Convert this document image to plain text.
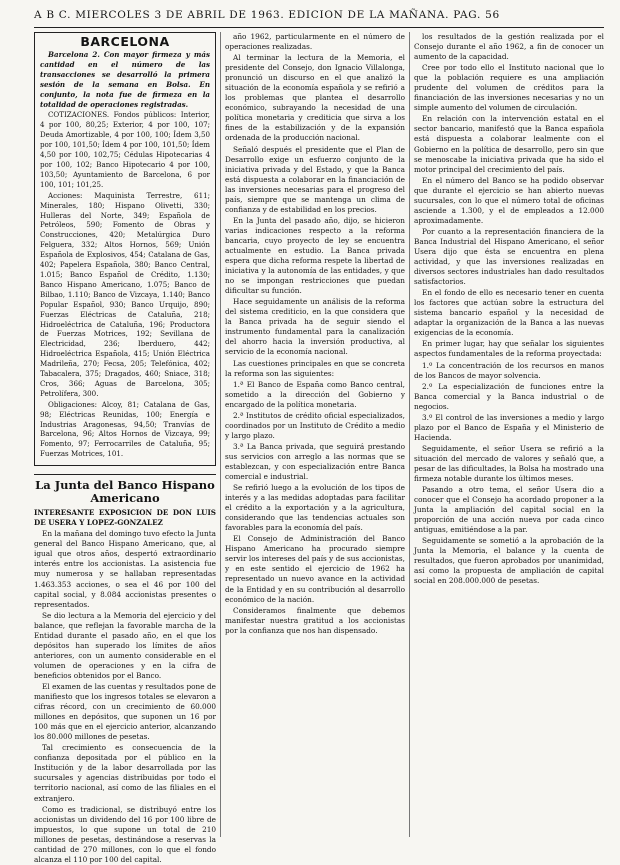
A B C. MIERCOLES 3 DE ABRIL DE 1963. EDICION DE LA MAÑANA. PAG. 56
BARCELONA

Barcelona 2. Con mayor firmeza y más cantidad en el número de las transacciones se desarrolló la primera sesión de la semana en Bolsa. En conjunto, la nota fue de firmeza en la totalidad de operaciones registradas.

COTIZACIONES. Fondos públicos: Interior, 4 por 100, 80,25; Exterior, 4 por 100, 107; Deuda Amortizable, 4 por 100, 100; Ídem 3,50 por 100, 101,50; Ídem 4 por 100, 101,50; Ídem 4,50 por 100, 102,75; Cédulas Hipotecarias 4 por 100, 102; Banco Hipotecario 4 por 100, 103,50; Ayuntamiento de Barcelona, 6 por 100, 101; 101,25.

Acciones: Maquinista Terrestre, 611; Minerales, 180; Hispano Olivetti, 330; Hulleras del Norte, 349; Española de Petróleos, 590; Fomento de Obras y Construcciones, 420; Metalúrgica Duro Felguera, 332; Altos Hornos, 569; Unión Española de Explosivos, 454; Catalana de Gas, 402; Papelera Española, 380; Banco Central, 1.015; Banco Español de Crédito, 1.130; Banco Hispano Americano, 1.075; Banco de Bilbao, 1.110; Banco de Vizcaya, 1.140; Banco Popular Español, 930; Banco Urquijo, 890; Fuerzas Eléctricas de Cataluña, 218; Hidroeléctrica de Cataluña, 196; Productora de Fuerzas Motrices, 192; Sevillana de Electricidad, 236; Iberduero, 442; Hidroeléctrica Española, 415; Unión Eléctrica Madrileña, 270; Fecsa, 205; Telefónica, 402; Tabacalera, 375; Dragados, 460; Sniace, 318; Cros, 366; Aguas de Barcelona, 305; Petrolífera, 300.

Obligaciones: Alcoy, 81; Catalana de Gas, 98; Eléctricas Reunidas, 100; Energía e Industrias Aragonesas, 94,50; Tranvías de Barcelona, 96; Altos Hornos de Vizcaya, 99; Fomento, 97; Ferrocarriles de Cataluña, 95; Fuerzas Motrices, 101.

La Junta del Banco Hispano Americano

INTERESANTE EXPOSICION DE DON LUIS DE USERA Y LOPEZ-GONZALEZ

En la mañana del domingo tuvo efecto la Junta general del Banco Hispano Americano, que, al igual que otros años, despertó extraordinario interés entre los accionistas. La asistencia fue muy numerosa y se hallaban representadas 1.463.353 acciones, o sea el 46 por 100 del capital social, y 8.084 accionistas presentes o representados.

Se dio lectura a la Memoria del ejercicio y del balance, que reflejan la favorable marcha de la Entidad durante el pasado año, en el que los depósitos han superado los límites de años anteriores, con un aumento considerable en el volumen de operaciones y en la cifra de beneficios obtenidos por el Banco.

El examen de las cuentas y resultados pone de manifiesto que los ingresos totales se elevaron a cifras récord, con un crecimiento de 60.000 millones en depósitos, que suponen un 16 por 100 más que en el ejercicio anterior, alcanzando los 80.000 millones de pesetas.

Tal crecimiento es consecuencia de la confianza depositada por el público en la Institución y de la labor desarrollada por las sucursales y agencias distribuidas por todo el territorio nacional, así como de las filiales en el extranjero.

Como es tradicional, se distribuyó entre los accionistas un dividendo del 16 por 100 libre de impuestos, lo que supone un total de 210 millones de pesetas, destinándose a reservas la cantidad de 270 millones, con lo que el fondo alcanza el 110 por 100 del capital.

año 1962, particularmente en el número de operaciones realizadas.

Al terminar la lectura de la Memoria, el presidente del Consejo, don Ignacio Villalonga, pronunció un discurso en el que analizó la situación de la economía española y se refirió a los problemas que plantea el desarrollo económico, subrayando la necesidad de una política monetaria y crediticia que sirva a los fines de la estabilización y de la expansión ordenada de la producción nacional.

Señaló después el presidente que el Plan de Desarrollo exige un esfuerzo conjunto de la iniciativa privada y del Estado, y que la Banca está dispuesta a colaborar en la financiación de las inversiones necesarias para el progreso del país, siempre que se mantenga un clima de confianza y de estabilidad en los precios.

En la Junta del pasado año, dijo, se hicieron varias indicaciones respecto a la reforma bancaria, cuyo proyecto de ley se encuentra actualmente en estudio. La Banca privada espera que dicha reforma respete la libertad de iniciativa y la autonomía de las entidades, y que no se impongan restricciones que puedan dificultar su función.

Hace seguidamente un análisis de la reforma del sistema crediticio, en la que considera que la Banca privada ha de seguir siendo el instrumento fundamental para la canalización del ahorro hacia la inversión productiva, al servicio de la economía nacional.

Las cuestiones principales en que se concreta la reforma son las siguientes:

1.ª El Banco de España como Banco central, sometido a la dirección del Gobierno y encargado de la política monetaria.

2.ª Institutos de crédito oficial especializados, coordinados por un Instituto de Crédito a medio y largo plazo.

3.ª La Banca privada, que seguirá prestando sus servicios con arreglo a las normas que se establezcan, y con especialización entre Banca comercial e industrial.

Se refirió luego a la evolución de los tipos de interés y a las medidas adoptadas para facilitar el crédito a la exportación y a la agricultura, considerando que las tendencias actuales son favorables para la economía del país.

El Consejo de Administración del Banco Hispano Americano ha procurado siempre servir los intereses del país y de sus accionistas, y en este sentido el ejercicio de 1962 ha representado un nuevo avance en la actividad de la Entidad y en su contribución al desarrollo económico de la nación.

Consideramos finalmente que debemos manifestar nuestra gratitud a los accionistas por la confianza que nos han dispensado.

los resultados de la gestión realizada por el Consejo durante el año 1962, a fin de conocer un aumento de la capacidad.

Cree por todo ello el Instituto nacional que lo que la población requiere es una ampliación prudente del volumen de créditos para la financiación de las inversiones necesarias y no un simple aumento del volumen de circulación.

En relación con la intervención estatal en el sector bancario, manifestó que la Banca española está dispuesta a colaborar lealmente con el Gobierno en la política de desarrollo, pero sin que se menoscabe la iniciativa privada que ha sido el motor principal del crecimiento del país.

En el número del Banco se ha podido observar que durante el ejercicio se han abierto nuevas sucursales, con lo que el número total de oficinas asciende a 1.300, y el de empleados a 12.000 aproximadamente.

Por cuanto a la representación financiera de la Banca Industrial del Hispano Americano, el señor Usera dijo que ésta se encuentra en plena actividad, y que las inversiones realizadas en diversos sectores industriales han dado resultados satisfactorios.

En el fondo de ello es necesario tener en cuenta los factores que actúan sobre la estructura del sistema bancario español y la necesidad de adaptar la organización de la Banca a las nuevas exigencias de la economía.

En primer lugar, hay que señalar los siguientes aspectos fundamentales de la reforma proyectada:

1.º La concentración de los recursos en manos de los Bancos de mayor solvencia.

2.º La especialización de funciones entre la Banca comercial y la Banca industrial o de negocios.

3.º El control de las inversiones a medio y largo plazo por el Banco de España y el Ministerio de Hacienda.

Seguidamente, el señor Usera se refirió a la situación del mercado de valores y señaló que, a pesar de las dificultades, la Bolsa ha mostrado una firmeza notable durante los últimos meses.

Pasando a otro tema, el señor Usera dio a conocer que el Consejo ha acordado proponer a la Junta la ampliación del capital social en la proporción de una acción nueva por cada cinco antiguas, emitiéndose a la par.

Seguidamente se sometió a la aprobación de la Junta la Memoria, el balance y la cuenta de resultados, que fueron aprobados por unanimidad, así como la propuesta de ampliación de capital social en 208.000.000 de pesetas.
